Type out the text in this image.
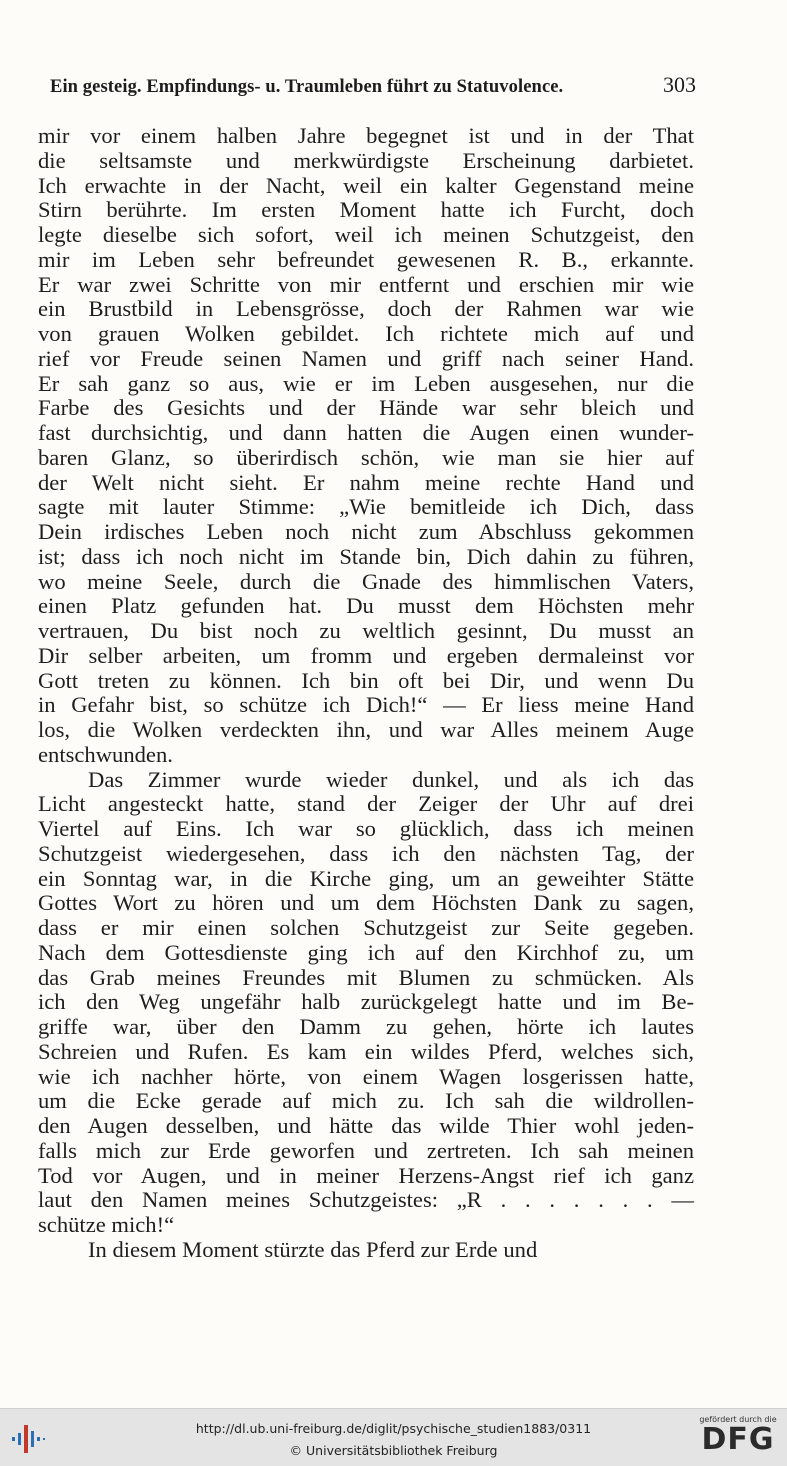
Ein gesteig. Empfindungs- u. Traumleben führt zu Statuvolence.	303
mir vor einem halben Jahre begegnet ist und in der That
die seltsamste und merkwürdigste Erscheinung darbietet.
Ich erwachte in der Nacht, weil ein kalter Gegenstand meine
Stirn berührte. Im ersten Moment hatte ich Furcht, doch
legte dieselbe sich sofort, weil ich meinen Schutzgeist, den
mir im Leben sehr befreundet gewesenen R. B., erkannte.
Er war zwei Schritte von mir entfernt und erschien mir wie
ein Brustbild in Lebensgrösse, doch der Rahmen war wie
von grauen Wolken gebildet. Ich richtete mich auf und
rief vor Freude seinen Namen und griff nach seiner Hand.
Er sah ganz so aus, wie er im Leben ausgesehen, nur die
Farbe des Gesichts und der Hände war sehr bleich und
fast durchsichtig, und dann hatten die Augen einen wunder-
baren Glanz, so überirdisch schön, wie man sie hier auf
der Welt nicht sieht. Er nahm meine rechte Hand und
sagte mit lauter Stimme: „Wie bemitleide ich Dich, dass
Dein irdisches Leben noch nicht zum Abschluss gekommen
ist; dass ich noch nicht im Stande bin, Dich dahin zu führen,
wo meine Seele, durch die Gnade des himmlischen Vaters,
einen Platz gefunden hat. Du musst dem Höchsten mehr
vertrauen, Du bist noch zu weltlich gesinnt, Du musst an
Dir selber arbeiten, um fromm und ergeben dermaleinst vor
Gott treten zu können. Ich bin oft bei Dir, und wenn Du
in Gefahr bist, so schütze ich Dich!“ — Er liess meine Hand
los, die Wolken verdeckten ihn, und war Alles meinem Auge
entschwunden.
Das Zimmer wurde wieder dunkel, und als ich das
Licht angesteckt hatte, stand der Zeiger der Uhr auf drei
Viertel auf Eins. Ich war so glücklich, dass ich meinen
Schutzgeist wiedergesehen, dass ich den nächsten Tag, der
ein Sonntag war, in die Kirche ging, um an geweihter Stätte
Gottes Wort zu hören und um dem Höchsten Dank zu sagen,
dass er mir einen solchen Schutzgeist zur Seite gegeben.
Nach dem Gottesdienste ging ich auf den Kirchhof zu, um
das Grab meines Freundes mit Blumen zu schmücken. Als
ich den Weg ungefähr halb zurückgelegt hatte und im Be-
griffe war, über den Damm zu gehen, hörte ich lautes
Schreien und Rufen. Es kam ein wildes Pferd, welches sich,
wie ich nachher hörte, von einem Wagen losgerissen hatte,
um die Ecke gerade auf mich zu. Ich sah die wildrollen-
den Augen desselben, und hätte das wilde Thier wohl jeden-
falls mich zur Erde geworfen und zertreten. Ich sah meinen
Tod vor Augen, und in meiner Herzens-Angst rief ich ganz
laut den Namen meines Schutzgeistes: „R . . . . . . . —
schütze mich!“
In diesem Moment stürzte das Pferd zur Erde und
http://dl.ub.uni-freiburg.de/diglit/psychische_studien1883/0311
© Universitätsbibliothek Freiburg
gefördert durch die
DFG
